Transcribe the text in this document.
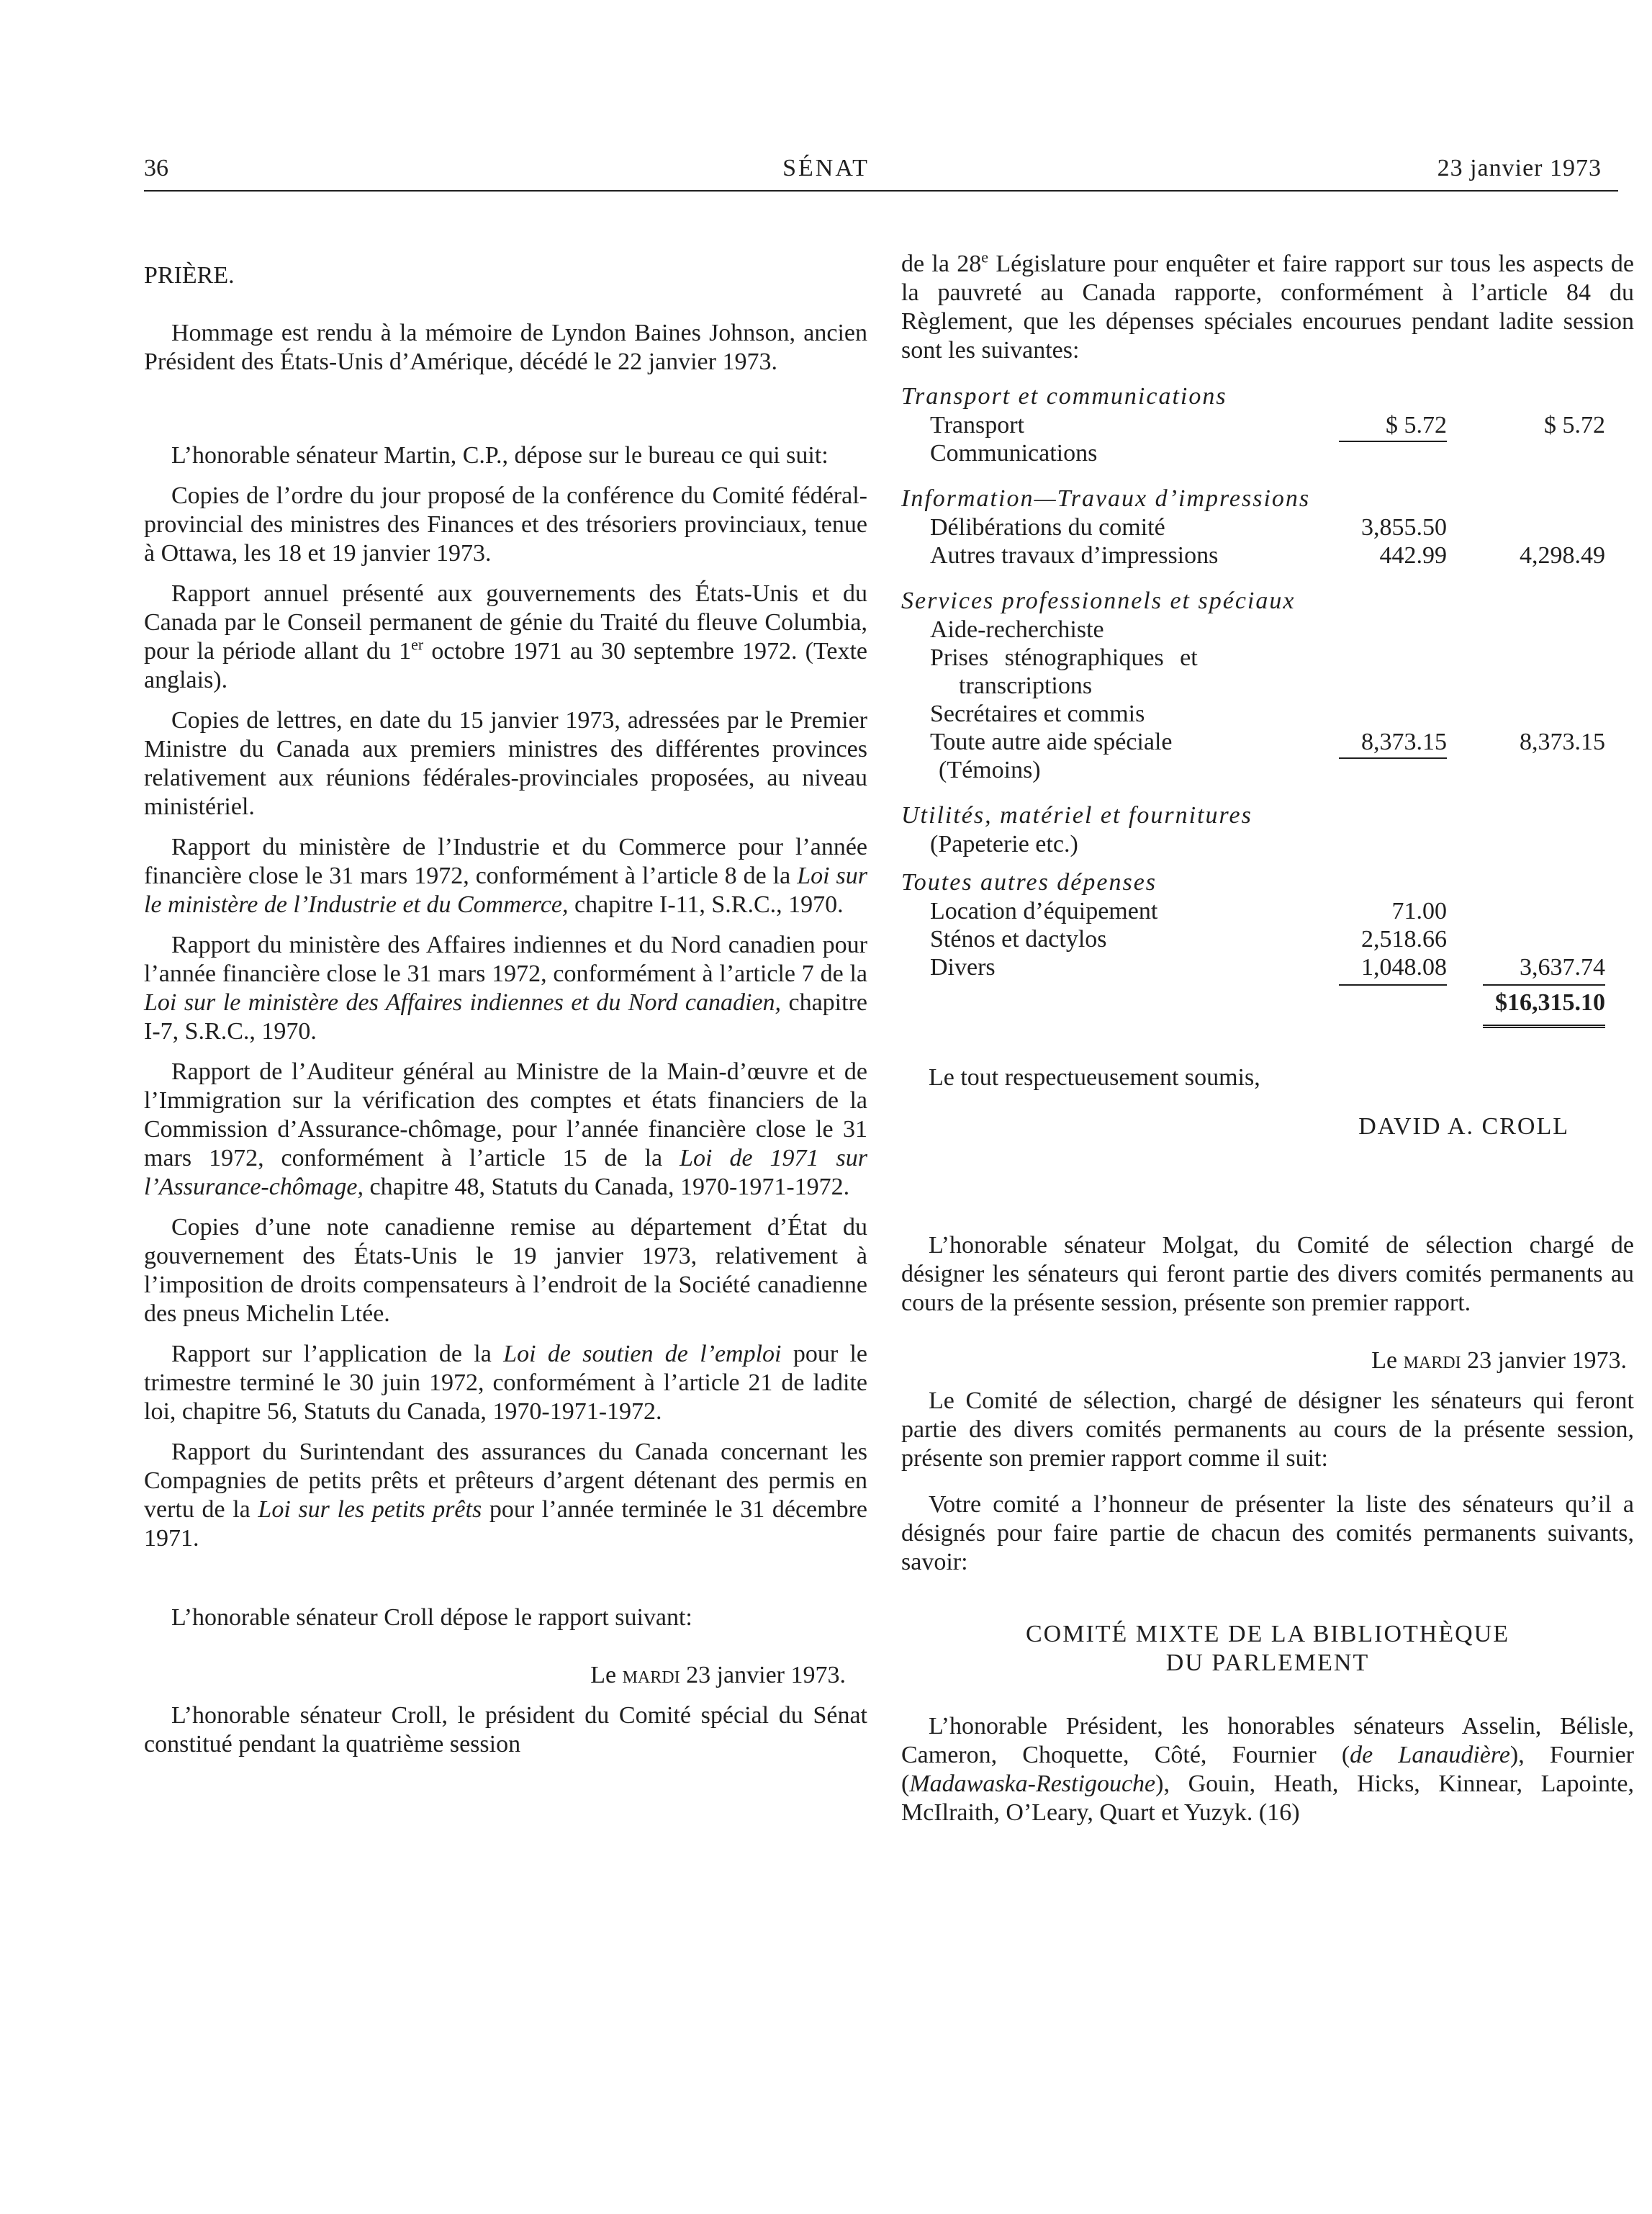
36	SÉNAT	23 janvier 1973

PRIÈRE.

Hommage est rendu à la mémoire de Lyndon Baines Johnson, ancien Président des États-Unis d’Amérique, décédé le 22 janvier 1973.

L’honorable sénateur Martin, C.P., dépose sur le bureau ce qui suit:

Copies de l’ordre du jour proposé de la conférence du Comité fédéral-provincial des ministres des Finances et des trésoriers provinciaux, tenue à Ottawa, les 18 et 19 janvier 1973.

Rapport annuel présenté aux gouvernements des États-Unis et du Canada par le Conseil permanent de génie du Traité du fleuve Columbia, pour la période allant du 1er octobre 1971 au 30 septembre 1972. (Texte anglais).

Copies de lettres, en date du 15 janvier 1973, adressées par le Premier Ministre du Canada aux premiers ministres des différentes provinces relativement aux réunions fédérales-provinciales proposées, au niveau ministériel.

Rapport du ministère de l’Industrie et du Commerce pour l’année financière close le 31 mars 1972, conformément à l’article 8 de la Loi sur le ministère de l’Industrie et du Commerce, chapitre I-11, S.R.C., 1970.

Rapport du ministère des Affaires indiennes et du Nord canadien pour l’année financière close le 31 mars 1972, conformément à l’article 7 de la Loi sur le ministère des Affaires indiennes et du Nord canadien, chapitre I-7, S.R.C., 1970.

Rapport de l’Auditeur général au Ministre de la Main-d’œuvre et de l’Immigration sur la vérification des comptes et états financiers de la Commission d’Assurance-chômage, pour l’année financière close le 31 mars 1972, conformément à l’article 15 de la Loi de 1971 sur l’Assurance-chômage, chapitre 48, Statuts du Canada, 1970-1971-1972.

Copies d’une note canadienne remise au département d’État du gouvernement des États-Unis le 19 janvier 1973, relativement à l’imposition de droits compensateurs à l’endroit de la Société canadienne des pneus Michelin Ltée.

Rapport sur l’application de la Loi de soutien de l’emploi pour le trimestre terminé le 30 juin 1972, conformément à l’article 21 de ladite loi, chapitre 56, Statuts du Canada, 1970-1971-1972.

Rapport du Surintendant des assurances du Canada concernant les Compagnies de petits prêts et prêteurs d’argent détenant des permis en vertu de la Loi sur les petits prêts pour l’année terminée le 31 décembre 1971.

L’honorable sénateur Croll dépose le rapport suivant:

Le mardi 23 janvier 1973.

L’honorable sénateur Croll, le président du Comité spécial du Sénat constitué pendant la quatrième session

de la 28e Législature pour enquêter et faire rapport sur tous les aspects de la pauvreté au Canada rapporte, conformément à l’article 84 du Règlement, que les dépenses spéciales encourues pendant ladite session sont les suivantes:

Transport et communications

Transport	$ 5.72	$ 5.72
Communications

Information—Travaux d’impressions

Délibérations du comité	3,855.50
Autres travaux d’impressions	442.99	4,298.49

Services professionnels et spéciaux

Aide-recherchiste
Prises sténographiques et
transcriptions
Secrétaires et commis
Toute autre aide spéciale	8,373.15	8,373.15
(Témoins)

Utilités, matériel et fournitures

(Papeterie etc.)

Toutes autres dépenses

Location d’équipement	71.00
Sténos et dactylos	2,518.66
Divers	1,048.08	3,637.74
$16,315.10

Le tout respectueusement soumis,

DAVID A. CROLL

L’honorable sénateur Molgat, du Comité de sélection chargé de désigner les sénateurs qui feront partie des divers comités permanents au cours de la présente session, présente son premier rapport.

Le mardi 23 janvier 1973.

Le Comité de sélection, chargé de désigner les sénateurs qui feront partie des divers comités permanents au cours de la présente session, présente son premier rapport comme il suit:

Votre comité a l’honneur de présenter la liste des sénateurs qu’il a désignés pour faire partie de chacun des comités permanents suivants, savoir:

COMITÉ MIXTE DE LA BIBLIOTHÈQUE

DU PARLEMENT

L’honorable Président, les honorables sénateurs Asselin, Bélisle, Cameron, Choquette, Côté, Fournier (de Lanaudière), Fournier (Madawaska-Restigouche), Gouin, Heath, Hicks, Kinnear, Lapointe, McIlraith, O’Leary, Quart et Yuzyk. (16)
